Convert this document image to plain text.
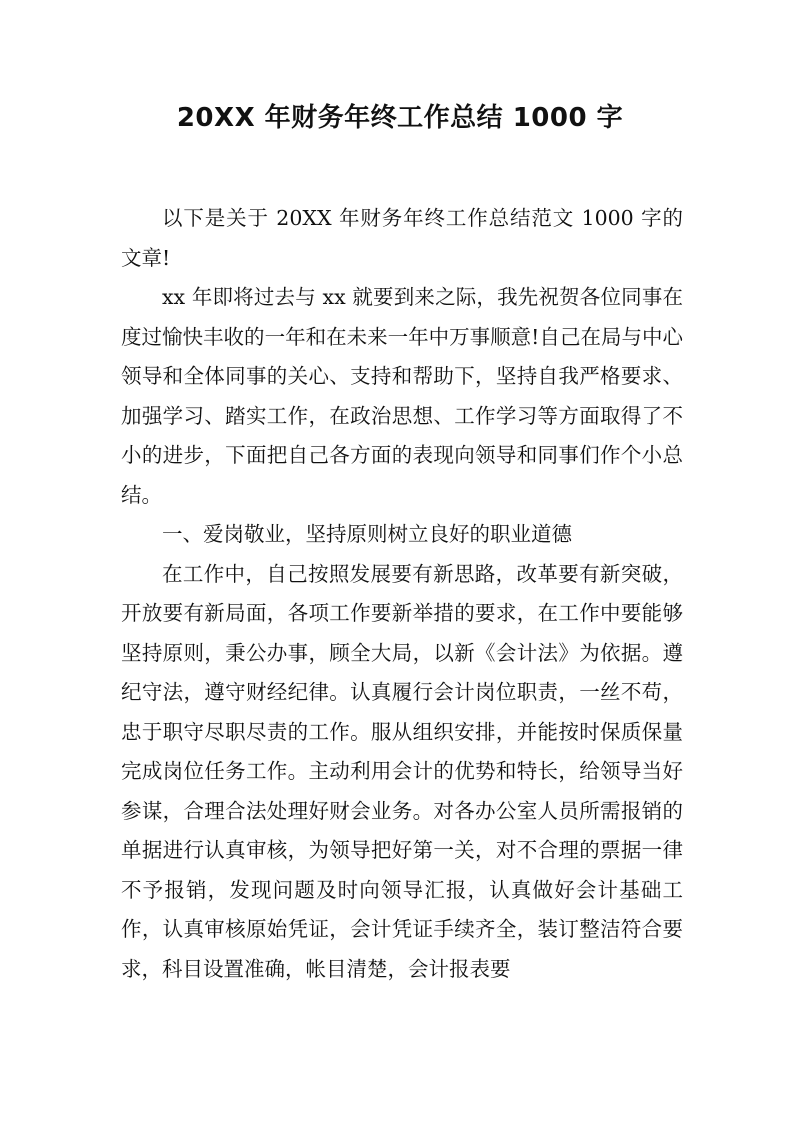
20XX 年财务年终工作总结 1000 字

以下是关于 20XX 年财务年终工作总结范文 1000 字的文章!

xx 年即将过去与 xx 就要到来之际，我先祝贺各位同事在度过愉快丰收的一年和在未来一年中万事顺意!自己在局与中心领导和全体同事的关心、支持和帮助下，坚持自我严格要求、加强学习、踏实工作，在政治思想、工作学习等方面取得了不小的进步，下面把自己各方面的表现向领导和同事们作个小总结。

一、爱岗敬业，坚持原则树立良好的职业道德

在工作中，自己按照发展要有新思路，改革要有新突破，开放要有新局面，各项工作要新举措的要求，在工作中要能够坚持原则，秉公办事，顾全大局，以新《会计法》为依据。遵纪守法，遵守财经纪律。认真履行会计岗位职责，一丝不苟，忠于职守尽职尽责的工作。服从组织安排，并能按时保质保量完成岗位任务工作。主动利用会计的优势和特长，给领导当好参谋，合理合法处理好财会业务。对各办公室人员所需报销的单据进行认真审核，为领导把好第一关，对不合理的票据一律不予报销，发现问题及时向领导汇报，认真做好会计基础工作，认真审核原始凭证，会计凭证手续齐全，装订整洁符合要求，科目设置准确，帐目清楚，会计报表要
